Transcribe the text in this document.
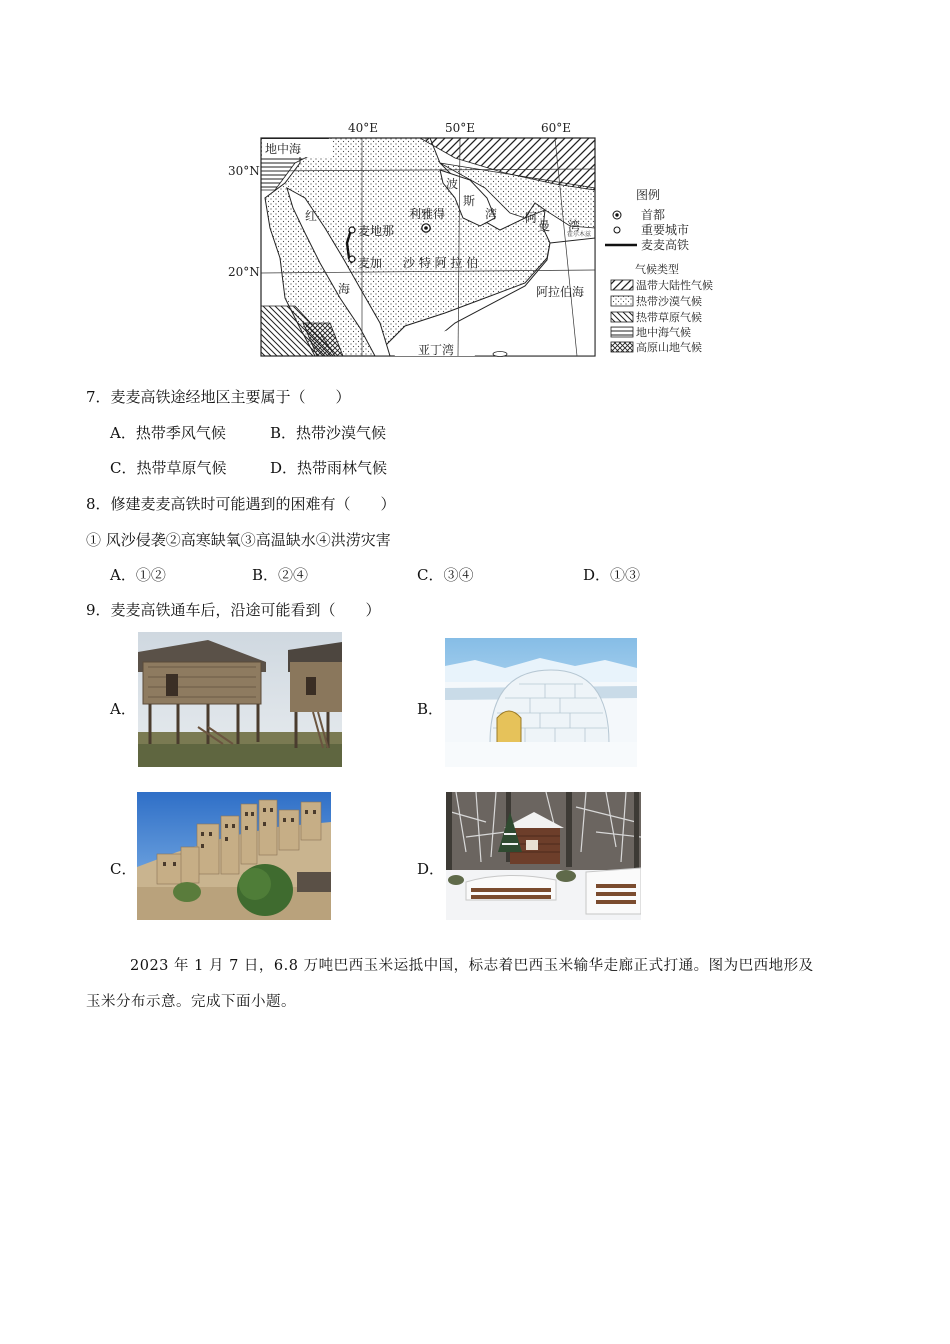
40°E	50°E	60°E
30°N
20°N
地中海
红
海
波
斯
湾 阿
曼 湾
霍尔木兹
利雅得
麦地那
麦加 沙 特 阿 拉 伯
阿拉伯海
亚丁湾
图例
首都
重要城市
麦麦高铁
气候类型
温带大陆性气候
热带沙漠气候
热带草原气候
地中海气候
高原山地气候
7．麦麦高铁途经地区主要属于（　　）
A．热带季风气候	B．热带沙漠气候
C．热带草原气候	D．热带雨林气候
8．修建麦麦高铁时可能遇到的困难有（　　）
① 风沙侵袭②高寒缺氧③高温缺水④洪涝灾害
A．①②	B．②④	C．③④	D．①③
9．麦麦高铁通车后，沿途可能看到（　　）
A．	B．
C．	D．
2023 年 1 月 7 日，6.8 万吨巴西玉米运抵中国，标志着巴西玉米输华走廊正式打通。图为巴西地形及
玉米分布示意。完成下面小题。
